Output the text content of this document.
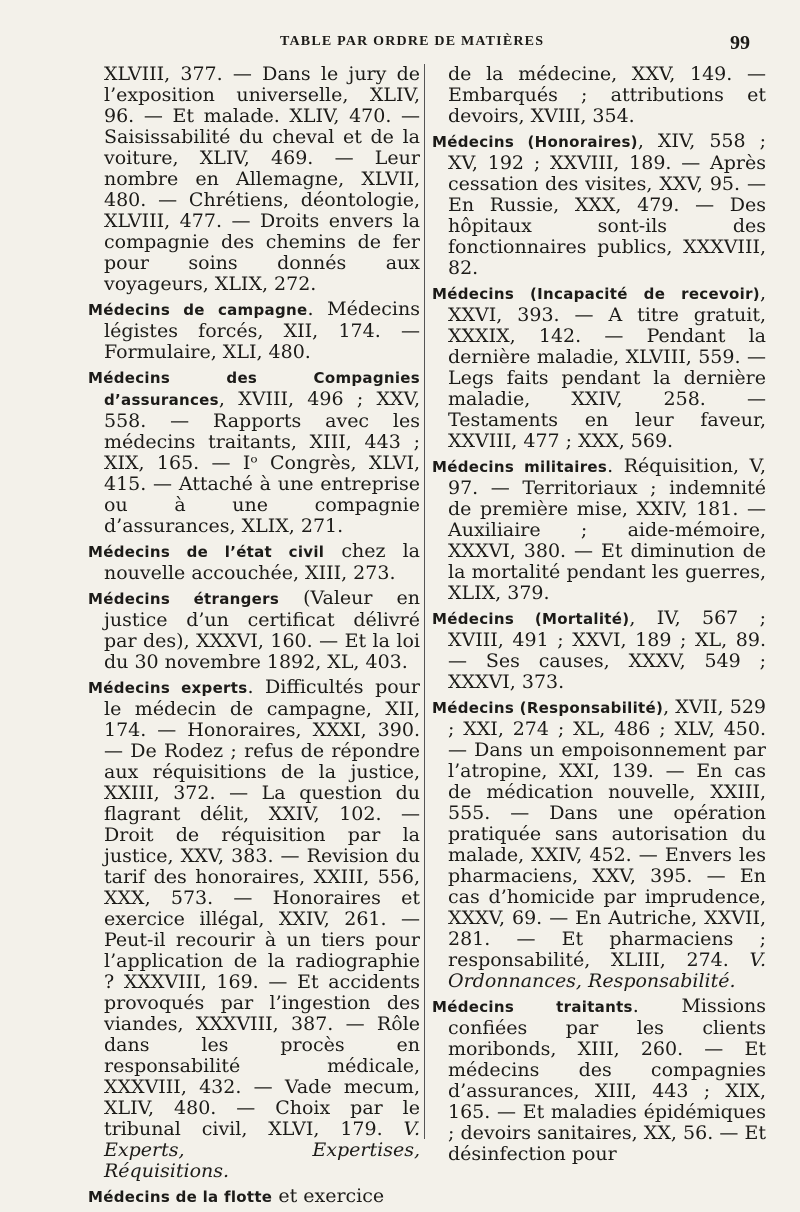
TABLE PAR ORDRE DE MATIÈRES	99

XLVIII, 377. — Dans le jury de l’exposition universelle, XLIV, 96. — Et malade. XLIV, 470. — Saisissabilité du cheval et de la voiture, XLIV, 469. — Leur nombre en Allemagne, XLVII, 480. — Chrétiens, déontologie, XLVIII, 477. — Droits envers la compagnie des chemins de fer pour soins donnés aux voyageurs, XLIX, 272.

Médecins de campagne. Médecins légistes forcés, XII, 174. — Formulaire, XLI, 480.

Médecins des Compagnies d’assurances, XVIII, 496 ; XXV, 558. — Rapports avec les médecins traitants, XIII, 443 ; XIX, 165. — Iᵒ Congrès, XLVI, 415. — Attaché à une entreprise ou à une compagnie d’assurances, XLIX, 271.

Médecins de l’état civil chez la nouvelle accouchée, XIII, 273.

Médecins étrangers (Valeur en justice d’un certificat délivré par des), XXXVI, 160. — Et la loi du 30 novembre 1892, XL, 403.

Médecins experts. Difficultés pour le médecin de campagne, XII, 174. — Honoraires, XXXI, 390. — De Rodez ; refus de répondre aux réquisitions de la justice, XXIII, 372. — La question du flagrant délit, XXIV, 102. — Droit de réquisition par la justice, XXV, 383. — Revision du tarif des honoraires, XXIII, 556, XXX, 573. — Honoraires et exercice illégal, XXIV, 261. — Peut-il recourir à un tiers pour l’application de la radiographie ? XXXVIII, 169. — Et accidents provoqués par l’ingestion des viandes, XXXVIII, 387. — Rôle dans les procès en responsabilité médicale, XXXVIII, 432. — Vade mecum, XLIV, 480. — Choix par le tribunal civil, XLVI, 179. V. Experts, Expertises, Réquisitions.

Médecins de la flotte et exercice

de la médecine, XXV, 149. — Embarqués ; attributions et devoirs, XVIII, 354.

Médecins (Honoraires), XIV, 558 ; XV, 192 ; XXVIII, 189. — Après cessation des visites, XXV, 95. — En Russie, XXX, 479. — Des hôpitaux sont-ils des fonctionnaires publics, XXXVIII, 82.

Médecins (Incapacité de recevoir), XXVI, 393. — A titre gratuit, XXXIX, 142. — Pendant la dernière maladie, XLVIII, 559. — Legs faits pendant la dernière maladie, XXIV, 258. — Testaments en leur faveur, XXVIII, 477 ; XXX, 569.

Médecins militaires. Réquisition, V, 97. — Territoriaux ; indemnité de première mise, XXIV, 181. — Auxiliaire ; aide-mémoire, XXXVI, 380. — Et diminution de la mortalité pendant les guerres, XLIX, 379.

Médecins (Mortalité), IV, 567 ; XVIII, 491 ; XXVI, 189 ; XL, 89. — Ses causes, XXXV, 549 ; XXXVI, 373.

Médecins (Responsabilité), XVII, 529 ; XXI, 274 ; XL, 486 ; XLV, 450. — Dans un empoisonnement par l’atropine, XXI, 139. — En cas de médication nouvelle, XXIII, 555. — Dans une opération pratiquée sans autorisation du malade, XXIV, 452. — Envers les pharmaciens, XXV, 395. — En cas d’homicide par imprudence, XXXV, 69. — En Autriche, XXVII, 281. — Et pharmaciens ; responsabilité, XLIII, 274. V. Ordonnances, Responsabilité.

Médecins traitants. Missions confiées par les clients moribonds, XIII, 260. — Et médecins des compagnies d’assurances, XIII, 443 ; XIX, 165. — Et maladies épidémiques ; devoirs sanitaires, XX, 56. — Et désinfection pour
